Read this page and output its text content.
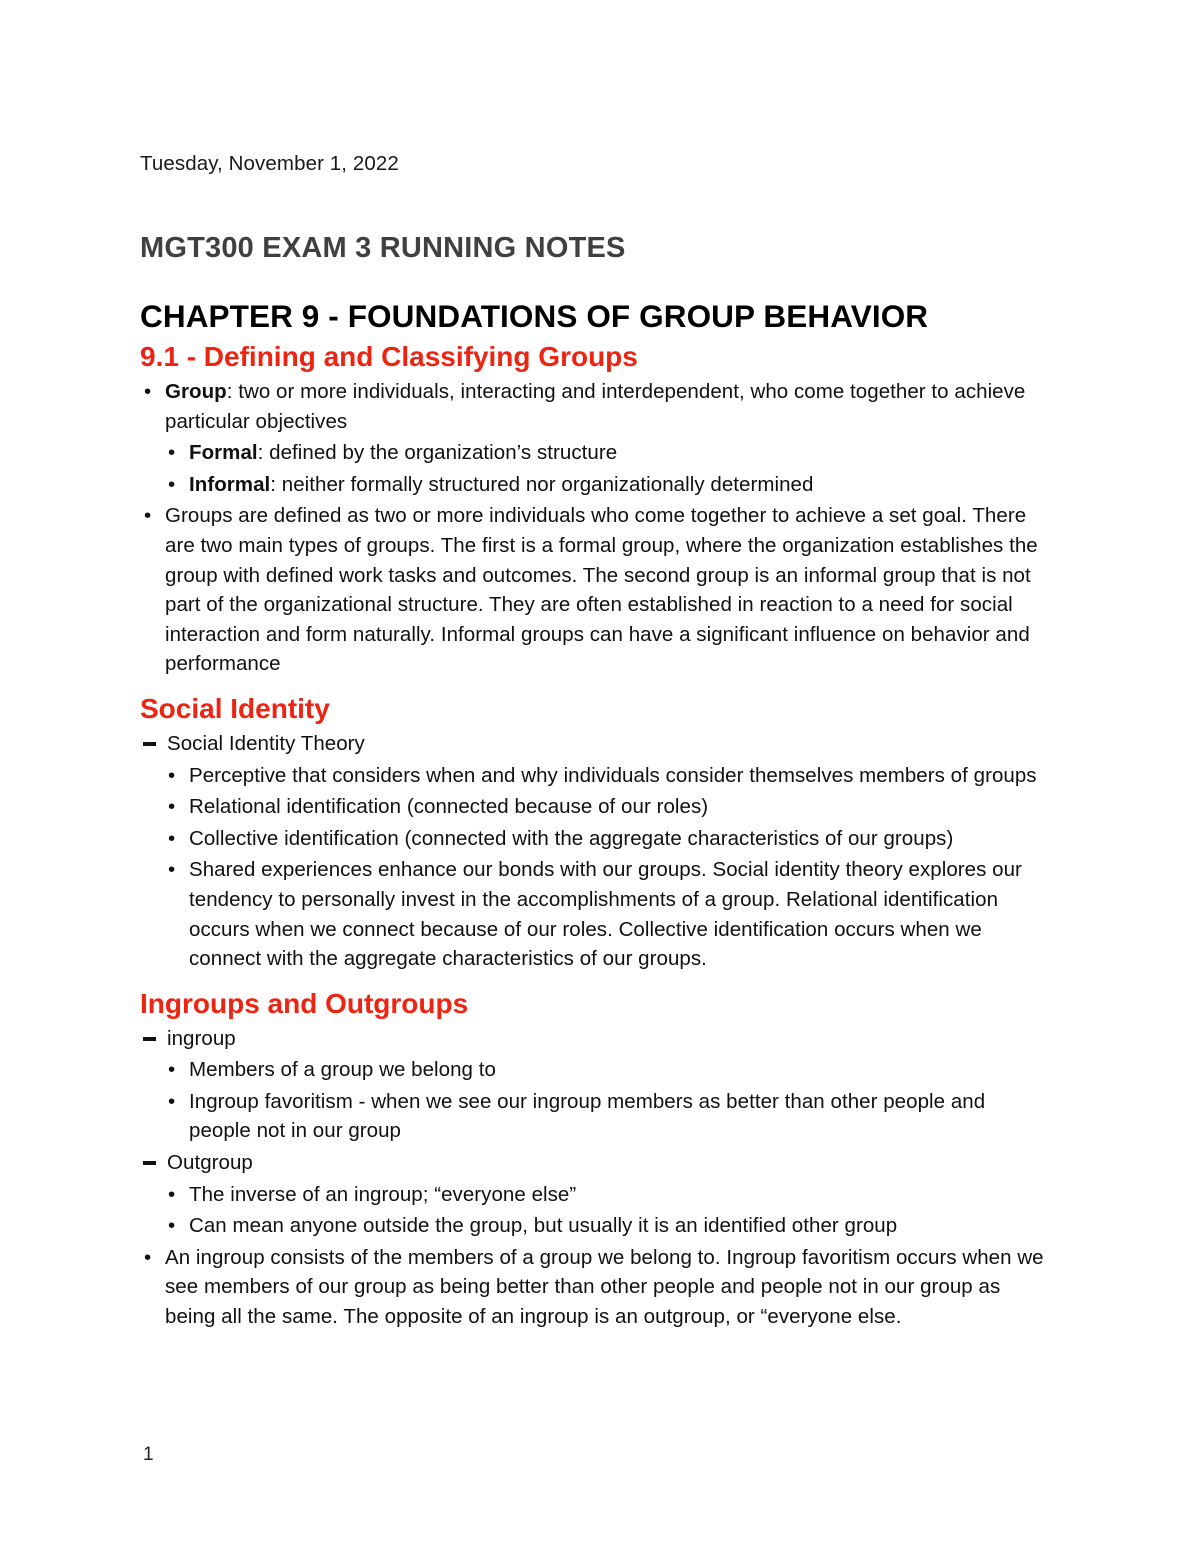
Tuesday, November 1, 2022
MGT300 EXAM 3 RUNNING NOTES
CHAPTER 9 - FOUNDATIONS OF GROUP BEHAVIOR
9.1 - Defining and Classifying Groups
• Group: two or more individuals, interacting and interdependent, who come together to achieve particular objectives
• Formal: defined by the organization’s structure
• Informal: neither formally structured nor organizationally determined
• Groups are defined as two or more individuals who come together to achieve a set goal. There are two main types of groups. The first is a formal group, where the organization establishes the group with defined work tasks and outcomes. The second group is an informal group that is not part of the organizational structure. They are often established in reaction to a need for social interaction and form naturally. Informal groups can have a significant influence on behavior and performance
Social Identity
Social Identity Theory
• Perceptive that considers when and why individuals consider themselves members of groups
• Relational identification (connected because of our roles)
• Collective identification (connected with the aggregate characteristics of our groups)
• Shared experiences enhance our bonds with our groups. Social identity theory explores our tendency to personally invest in the accomplishments of a group. Relational identification occurs when we connect because of our roles. Collective identification occurs when we connect with the aggregate characteristics of our groups.
Ingroups and Outgroups
ingroup
• Members of a group we belong to
• Ingroup favoritism - when we see our ingroup members as better than other people and people not in our group
Outgroup
• The inverse of an ingroup; “everyone else”
• Can mean anyone outside the group, but usually it is an identified other group
• An ingroup consists of the members of a group we belong to. Ingroup favoritism occurs when we see members of our group as being better than other people and people not in our group as being all the same. The opposite of an ingroup is an outgroup, or “everyone else.
1
